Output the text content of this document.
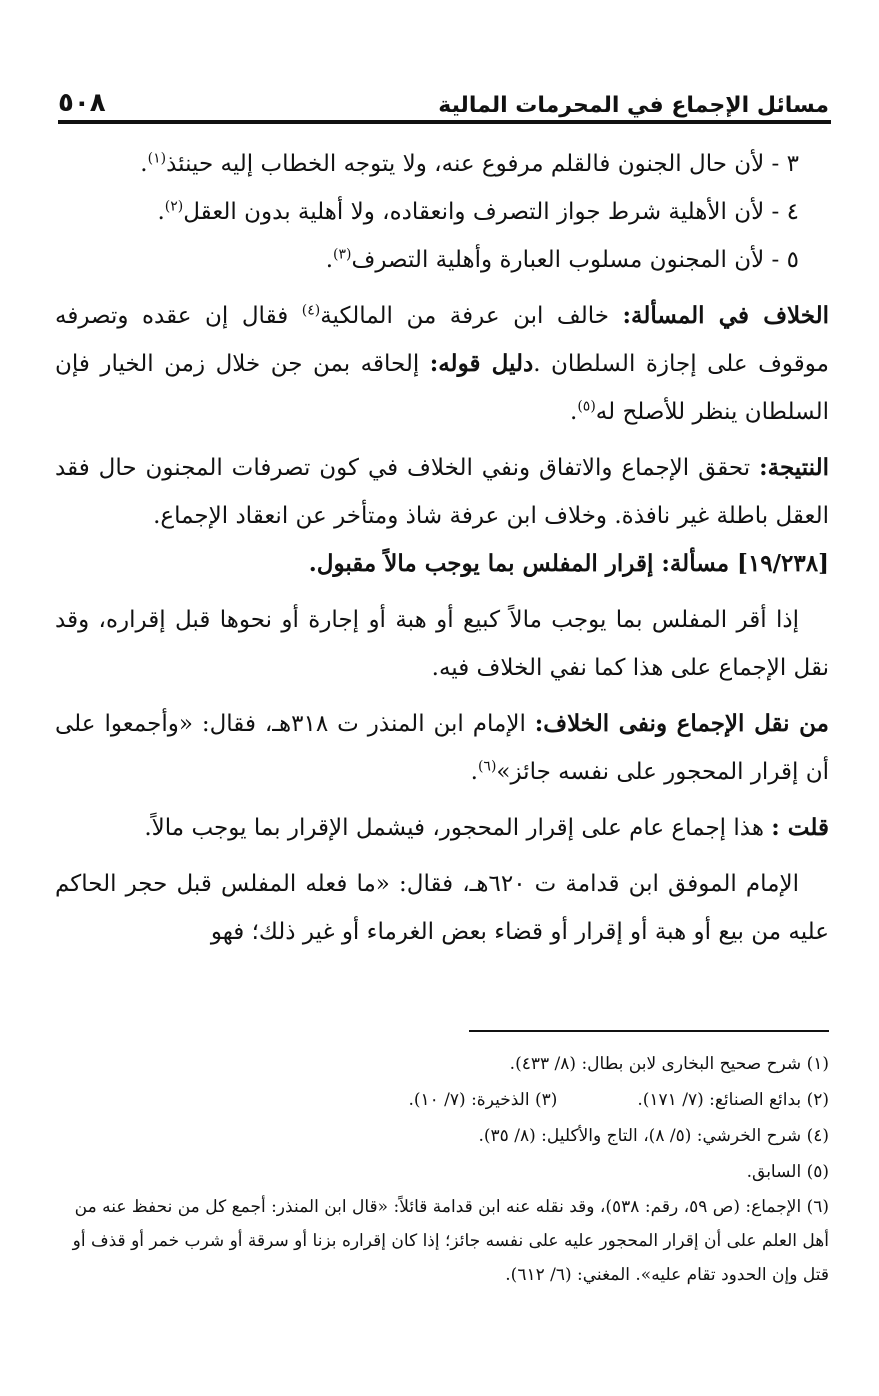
مسائل الإجماع في المحرمات المالية
٥٠٨

٣ - لأن حال الجنون فالقلم مرفوع عنه، ولا يتوجه الخطاب إليه حينئذ$^{(١)}$.

٤ - لأن الأهلية شرط جواز التصرف وانعقاده، ولا أهلية بدون العقل$^{(٢)}$.

٥ - لأن المجنون مسلوب العبارة وأهلية التصرف$^{(٣)}$.

الخلاف في المسألة: خالف ابن عرفة من المالكية$^{(٤)}$ فقال إن عقده وتصرفه موقوف على إجازة السلطان .دليل قوله: إلحاقه بمن جن خلال زمن الخيار فإن السلطان ينظر للأصلح له$^{(٥)}$.

النتيجة: تحقق الإجماع والاتفاق ونفي الخلاف في كون تصرفات المجنون حال فقد العقل باطلة غير نافذة. وخلاف ابن عرفة شاذ ومتأخر عن انعقاد الإجماع.

[١٩/٢٣٨] مسألة: إقرار المفلس بما يوجب مالاً مقبول.

إذا أقر المفلس بما يوجب مالاً كبيع أو هبة أو إجارة أو نحوها قبل إقراره، وقد نقل الإجماع على هذا كما نفي الخلاف فيه.

من نقل الإجماع ونفى الخلاف: الإمام ابن المنذر ت ٣١٨هـ، فقال: «وأجمعوا على أن إقرار المحجور على نفسه جائز»$^{(٦)}$.

قلت : هذا إجماع عام على إقرار المحجور، فيشمل الإقرار بما يوجب مالاً.

الإمام الموفق ابن قدامة ت ٦٢٠هـ، فقال: «ما فعله المفلس قبل حجر الحاكم عليه من بيع أو هبة أو إقرار أو قضاء بعض الغرماء أو غير ذلك؛ فهو

(١) شرح صحيح البخارى لابن بطال: (٨/ ٤٣٣).

(٢) بدائع الصنائع: (٧/ ١٧١).(٣) الذخيرة: (٧/ ١٠).

(٤) شرح الخرشي: (٥/ ٨)، التاج والأكليل: (٨/ ٣٥).

(٥) السابق.

(٦) الإجماع: (ص ٥٩، رقم: ٥٣٨)، وقد نقله عنه ابن قدامة قائلاً: «قال ابن المنذر: أجمع كل من نحفظ عنه من أهل العلم على أن إقرار المحجور عليه على نفسه جائز؛ إذا كان إقراره بزنا أو سرقة أو شرب خمر أو قذف أو قتل وإن الحدود تقام عليه». المغني: (٦/ ٦١٢).
